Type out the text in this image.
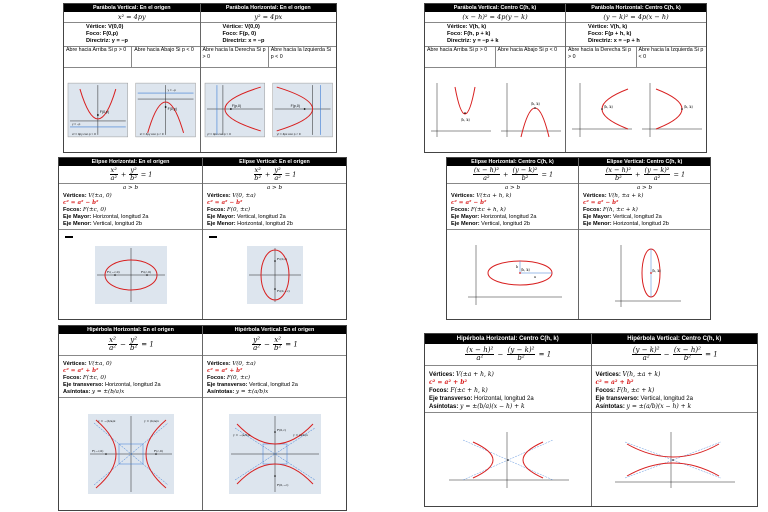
Parábola Vertical: En el origen
x² = 4py
Vértice: V(0,0)
Foco: F(0,p)
Directriz: y = −p
Abre hacia Arriba Si p > 0	Abre hacia Abajo Si p < 0
F(0,p)
y = −p
x² = 4py con p > 0
y = −p
F(0,p)
x² = 4py con p < 0
Parábola Horizontal: En el origen
y² = 4px
Vértice: V(0,0)
Foco: F(p, 0)
Directriz: x = −p
Abre hacia la Derecha Si p > 0
Abre hacia la Izquierda Si p < 0
F(p,0)
y² = 4px con p > 0
F(p,0)
y² = 4px con p < 0
Parábola Vertical: Centro C(h, k)
(x − h)² = 4p(y − k)
Vértice: V(h, k)
Foco: F(h, p + k)
Directriz: y = −p + k
Abre hacia Arriba Si p > 0	Abre hacia Abajo Si p < 0
(h, k)
(h, k)
Parábola Horizontal: Centro C(h, k)
(y − k)² = 4p(x − h)
Vértice: V(h, k)
Foco: F(p + h, k)
Directriz: x = −p + h
Abre hacia la Derecha Si p > 0
Abre hacia la Izquierda Si p < 0
(h, k)	(h, k)
Elipse Horizontal: En el origen
$\frac{\text{x²}}{\text{a²}} + \frac{\text{y²}}{\text{b²}} = 1$
a > b
Vértices: V(±a, 0)
c² = a² − b²
Focos: F(±c, 0)
Eje Mayor: Horizontal, longitud 2a
Eje Menor: Vertical, longitud 2b
F₁(−c,0)	F₂(c,0)
Elipse Vertical: En el origen
$\frac{\text{x²}}{\text{b²}} + \frac{\text{y²}}{\text{a²}} = 1$
a > b
Vértices: V(0, ±a)
c² = a² − b²
Focos: F(0, ±c)
Eje Mayor: Vertical, longitud 2a
Eje Menor: Horizontal, longitud 2b
F₁(0,c)
F₂(0,−c)
Elipse Horizontal: Centro C(h, k)
$\frac{\text{(x − h)²}}{\text{a²}} + \frac{\text{(y − k)²}}{\text{b²}} = 1$
a > b
Vértices: V(±a + h, k)
c² = a² − b²
Focos: F(±c + h, k)
Eje Mayor: Horizontal, longitud 2a
Eje Menor: Vertical, longitud 2b
(h, k)
b
a
Elipse Vertical: Centro C(h, k)
$\frac{\text{(x − h)²}}{\text{b²}} + \frac{\text{(y − k)²}}{\text{a²}} = 1$
a > b
Vértices: V(h, ±a + k)
c² = a² − b²
Focos: F(h, ±c + k)
Eje Mayor: Vertical, longitud 2a
Eje Menor: Horizontal, longitud 2b
(h, k)
Hipérbola Horizontal: En el origen
$\frac{\text{x²}}{\text{a²}} - \frac{\text{y²}}{\text{b²}} = 1$
Vértices: V(±a, 0)
c² = a² + b²
Focos: F(±c, 0)
Eje transverso: Horizontal, longitud 2a
Asíntotas: y = ±(b/a)x
y = −(b/a)x	y = (b/a)x
F(−c,0)	F(c,0)
Hipérbola Vertical: En el origen
$\frac{\text{y²}}{\text{a²}} - \frac{\text{x²}}{\text{b²}} = 1$
Vértices: V(0, ±a)
c² = a² + b²
Focos: F(0, ±c)
Eje transverso: Vertical, longitud 2a
Asíntotas: y = ±(a/b)x
y = −(a/b)x	y = (a/b)x
F(0,c)
F(0,−c)
Hipérbola Horizontal: Centro C(h, k)
$\frac{\text{(x − h)²}}{\text{a²}} - \frac{\text{(y − k)²}}{\text{b²}} = 1$
Vértices: V(±a + h, k)
c² = a² + b²
Focos: F(±c + h, k)
Eje transverso: Horizontal, longitud 2a
Asíntotas: y = ±(b/a)(x − h) + k
Hipérbola Vertical: Centro C(h, k)
$\frac{\text{(y − k)²}}{\text{a²}} - \frac{\text{(x − h)²}}{\text{b²}} = 1$
Vértices: V(h, ±a + k)
c² = a² + b²
Focos: F(h, ±c + k)
Eje transverso: Vertical, longitud 2a
Asíntotas: y = ±(a/b)(x − h) + k
